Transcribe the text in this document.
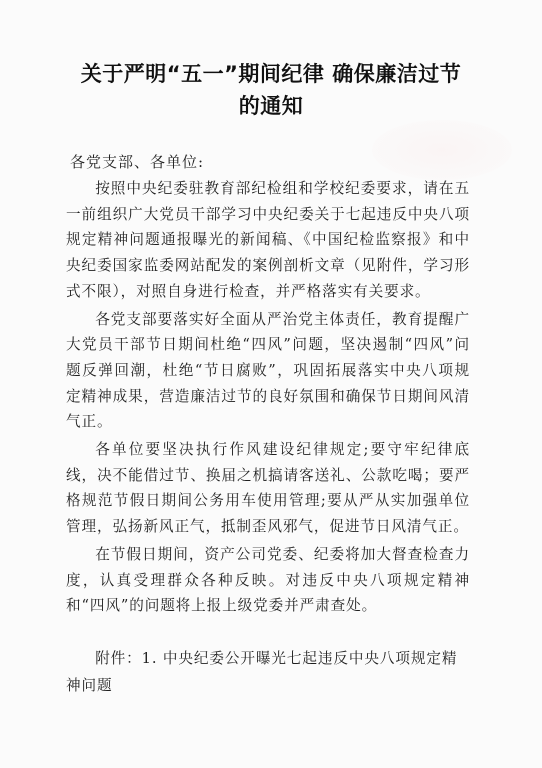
关于严明“五一”期间纪律 确保廉洁过节
的通知
各党支部、各单位:

按照中央纪委驻教育部纪检组和学校纪委要求，请在五一前组织广大党员干部学习中央纪委关于七起违反中央八项规定精神问题通报曝光的新闻稿、《中国纪检监察报》和中央纪委国家监委网站配发的案例剖析文章（见附件，学习形式不限），对照自身进行检查，并严格落实有关要求。

各党支部要落实好全面从严治党主体责任，教育提醒广大党员干部节日期间杜绝“四风”问题，坚决遏制“四风”问题反弹回潮，杜绝“节日腐败”，巩固拓展落实中央八项规定精神成果，营造廉洁过节的良好氛围和确保节日期间风清气正。

各单位要坚决执行作风建设纪律规定;要守牢纪律底线，决不能借过节、换届之机搞请客送礼、公款吃喝；要严格规范节假日期间公务用车使用管理;要从严从实加强单位管理，弘扬新风正气，抵制歪风邪气，促进节日风清气正。

在节假日期间，资产公司党委、纪委将加大督查检查力度，认真受理群众各种反映。对违反中央八项规定精神和“四风”的问题将上报上级党委并严肃查处。

附件：1. 中央纪委公开曝光七起违反中央八项规定精神问题
